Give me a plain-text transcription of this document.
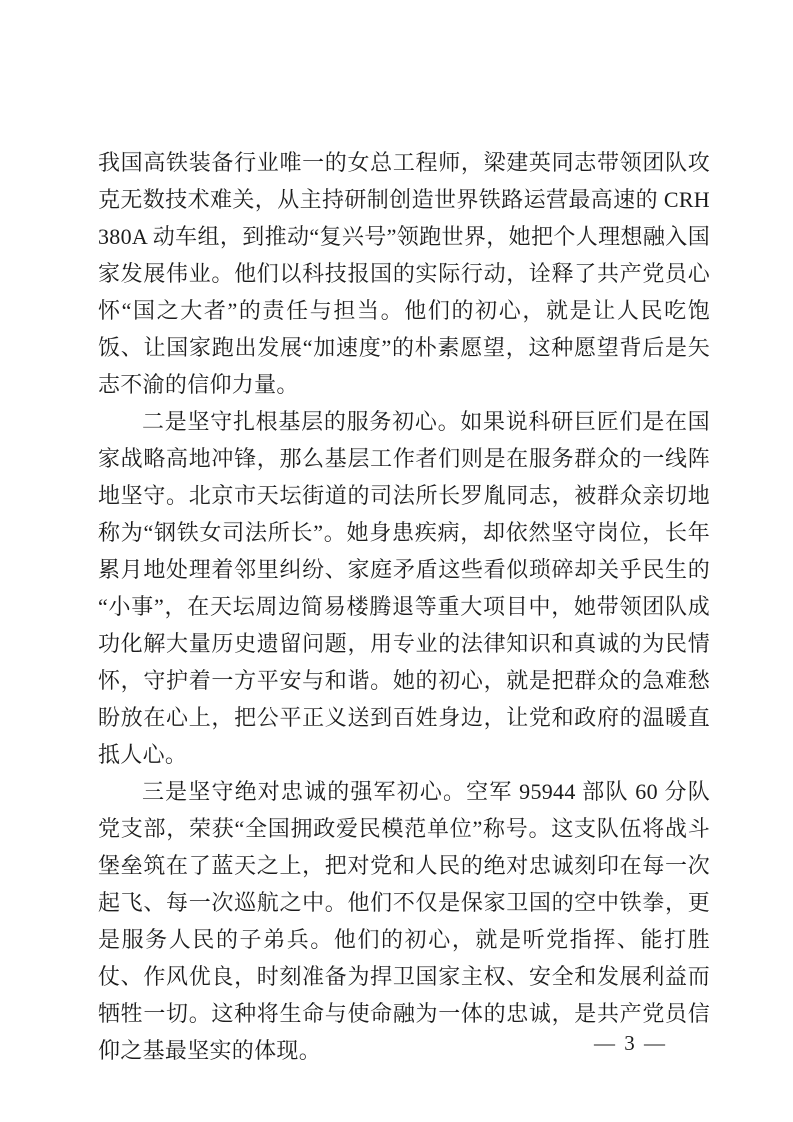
我国高铁装备行业唯一的女总工程师，梁建英同志带领团队攻克无数技术难关，从主持研制创造世界铁路运营最高速的 CRH380A 动车组，到推动“复兴号”领跑世界，她把个人理想融入国家发展伟业。他们以科技报国的实际行动，诠释了共产党员心怀“国之大者”的责任与担当。他们的初心，就是让人民吃饱饭、让国家跑出发展“加速度”的朴素愿望，这种愿望背后是矢志不渝的信仰力量。

二是坚守扎根基层的服务初心。如果说科研巨匠们是在国家战略高地冲锋，那么基层工作者们则是在服务群众的一线阵地坚守。北京市天坛街道的司法所长罗胤同志，被群众亲切地称为“钢铁女司法所长”。她身患疾病，却依然坚守岗位，长年累月地处理着邻里纠纷、家庭矛盾这些看似琐碎却关乎民生的“小事”，在天坛周边简易楼腾退等重大项目中，她带领团队成功化解大量历史遗留问题，用专业的法律知识和真诚的为民情怀，守护着一方平安与和谐。她的初心，就是把群众的急难愁盼放在心上，把公平正义送到百姓身边，让党和政府的温暖直抵人心。

三是坚守绝对忠诚的强军初心。空军 95944 部队 60 分队党支部，荣获“全国拥政爱民模范单位”称号。这支队伍将战斗堡垒筑在了蓝天之上，把对党和人民的绝对忠诚刻印在每一次起飞、每一次巡航之中。他们不仅是保家卫国的空中铁拳，更是服务人民的子弟兵。他们的初心，就是听党指挥、能打胜仗、作风优良，时刻准备为捍卫国家主权、安全和发展利益而牺牲一切。这种将生命与使命融为一体的忠诚，是共产党员信仰之基最坚实的体现。	— 3 —
